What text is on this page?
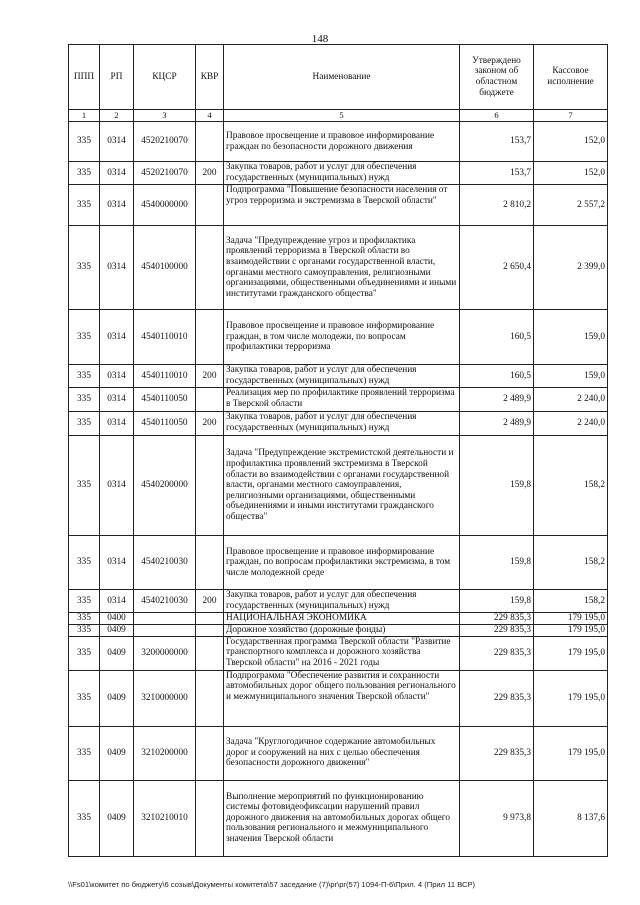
148
ППП	РП	КЦСР	КВР	Наименование	Утверждено законом об областном бюджете	Кассовое исполнение
1	2	3	4	5	6	7
335	0314	4520210070		Правовое просвещение и правовое информирование граждан по безопасности дорожного движения	153,7	152,0
335	0314	4520210070	200	Закупка товаров, работ и услуг для обеспечения государственных (муниципальных) нужд	153,7	152,0
335	0314	4540000000		Подпрограмма "Повышение безопасности населения от угроз терроризма и экстремизма в Тверской области"	2 810,2	2 557,2
335	0314	4540100000		Задача "Предупреждение угроз и профилактика проявлений терроризма в Тверской области во взаимодействии с органами государственной власти, органами местного самоуправления, религиозными организациями, общественными объединениями и иными институтами гражданского общества"	2 650,4	2 399,0
335	0314	4540110010		Правовое просвещение и правовое информирование граждан, в том числе молодежи, по вопросам профилактики терроризма	160,5	159,0
335	0314	4540110010	200	Закупка товаров, работ и услуг для обеспечения государственных (муниципальных) нужд	160,5	159,0
335	0314	4540110050		Реализация мер по профилактике проявлений терроризма в Тверской области	2 489,9	2 240,0
335	0314	4540110050	200	Закупка товаров, работ и услуг для обеспечения государственных (муниципальных) нужд	2 489,9	2 240,0
335	0314	4540200000		Задача "Предупреждение экстремистской деятельности и профилактика проявлений экстремизма в Тверской области во взаимодействии с органами государственной власти, органами местного самоуправления, религиозными организациями, общественными объединениями и иными институтами гражданского общества"	159,8	158,2
335	0314	4540210030		Правовое просвещение и правовое информирование граждан, по вопросам профилактики экстремизма, в том числе молодежной среде	159,8	158,2
335	0314	4540210030	200	Закупка товаров, работ и услуг для обеспечения государственных (муниципальных) нужд	159,8	158,2
335	0400			НАЦИОНАЛЬНАЯ ЭКОНОМИКА	229 835,3	179 195,0
335	0409			Дорожное хозяйство (дорожные фонды)	229 835,3	179 195,0
335	0409	3200000000		Государственная программа Тверской области "Развитие транспортного комплекса и дорожного хозяйства Тверской области" на 2016 - 2021 годы	229 835,3	179 195,0
335	0409	3210000000		Подпрограмма "Обеспечение развития и сохранности автомобильных дорог общего пользования регионального и межмуниципального значения Тверской области"	229 835,3	179 195,0
335	0409	3210200000		Задача "Круглогодичное содержание автомобильных дорог и сооружений на них с целью обеспечения безопасности дорожного движения"	229 835,3	179 195,0
335	0409	3210210010		Выполнение мероприятий по функционированию системы фотовидеофиксации нарушений правил дорожного движения на автомобильных дорогах общего пользования регионального и межмуниципального значения Тверской области	9 973,8	8 137,6
\\Fs01\комитет по бюджету\6 созыв\Документы комитета\57 заседание (7)\pr\pr(57) 1094-П-6\Прил. 4 (Прил 11 ВСР)
